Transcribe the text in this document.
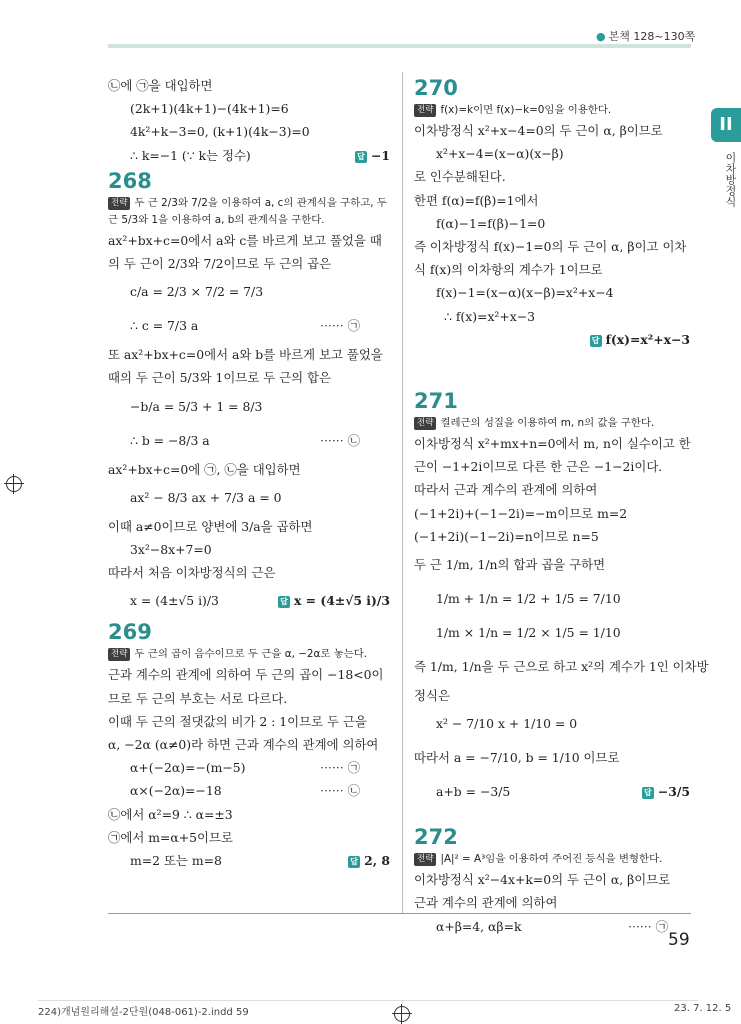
● 본책 128~130쪽
II
이차방정식
㉡에 ㉠을 대입하면
(2k+1)(4k+1)−(4k+1)=6
4k²+k−3=0, (k+1)(4k−3)=0
∴ k=−1 (∵ k는 정수)	답 −1
268
전략 두 근 2/3와 7/2을 이용하여 a, c의 관계식을 구하고, 두
근 5/3와 1을 이용하여 a, b의 관계식을 구한다.
ax²+bx+c=0에서 a와 c를 바르게 보고 풀었을 때
의 두 근이 2/3와 7/2이므로 두 근의 곱은
c/a = 2/3 × 7/2 = 7/3
∴ c = 7/3 a	······ ㉠
또 ax²+bx+c=0에서 a와 b를 바르게 보고 풀었을
때의 두 근이 5/3와 1이므로 두 근의 합은
−b/a = 5/3 + 1 = 8/3
∴ b = −8/3 a	······ ㉡
ax²+bx+c=0에 ㉠, ㉡을 대입하면
ax² − 8/3 ax + 7/3 a = 0
이때 a≠0이므로 양변에 3/a을 곱하면
3x²−8x+7=0
따라서 처음 이차방정식의 근은
x = (4±√5 i)/3	답 x = (4±√5 i)/3
269
전략 두 근의 곱이 음수이므로 두 근을 α, −2α로 놓는다.
근과 계수의 관계에 의하여 두 근의 곱이 −18<0이
므로 두 근의 부호는 서로 다르다.
이때 두 근의 절댓값의 비가 2 : 1이므로 두 근을
α, −2α (α≠0)라 하면 근과 계수의 관계에 의하여
α+(−2α)=−(m−5)	······ ㉠
α×(−2α)=−18	······ ㉡
㉡에서 α²=9 ∴ α=±3
㉠에서 m=α+5이므로
m=2 또는 m=8	답 2, 8
270
전략 f(x)=k이면 f(x)−k=0임을 이용한다.
이차방정식 x²+x−4=0의 두 근이 α, β이므로
x²+x−4=(x−α)(x−β)
로 인수분해된다.
한편 f(α)=f(β)=1에서
f(α)−1=f(β)−1=0
즉 이차방정식 f(x)−1=0의 두 근이 α, β이고 이차
식 f(x)의 이차항의 계수가 1이므로
f(x)−1=(x−α)(x−β)=x²+x−4
∴ f(x)=x²+x−3

답 f(x)=x²+x−3
271
전략 켤레근의 성질을 이용하여 m, n의 값을 구한다.
이차방정식 x²+mx+n=0에서 m, n이 실수이고 한
근이 −1+2i이므로 다른 한 근은 −1−2i이다.
따라서 근과 계수의 관계에 의하여
(−1+2i)+(−1−2i)=−m이므로 m=2
(−1+2i)(−1−2i)=n이므로 n=5
두 근 1/m, 1/n의 합과 곱을 구하면
1/m + 1/n = 1/2 + 1/5 = 7/10
1/m × 1/n = 1/2 × 1/5 = 1/10
즉 1/m, 1/n을 두 근으로 하고 x²의 계수가 1인 이차방
정식은
x² − 7/10 x + 1/10 = 0
따라서 a = −7/10, b = 1/10 이므로
a+b = −3/5	답 −3/5
272
전략 |A|² = A³임을 이용하여 주어진 등식을 변형한다.
이차방정식 x²−4x+k=0의 두 근이 α, β이므로
근과 계수의 관계에 의하여
α+β=4, αβ=k	······ ㉠
59
224)개념원리해설-2단원(048-061)-2.indd 59	23. 7. 12. 5
